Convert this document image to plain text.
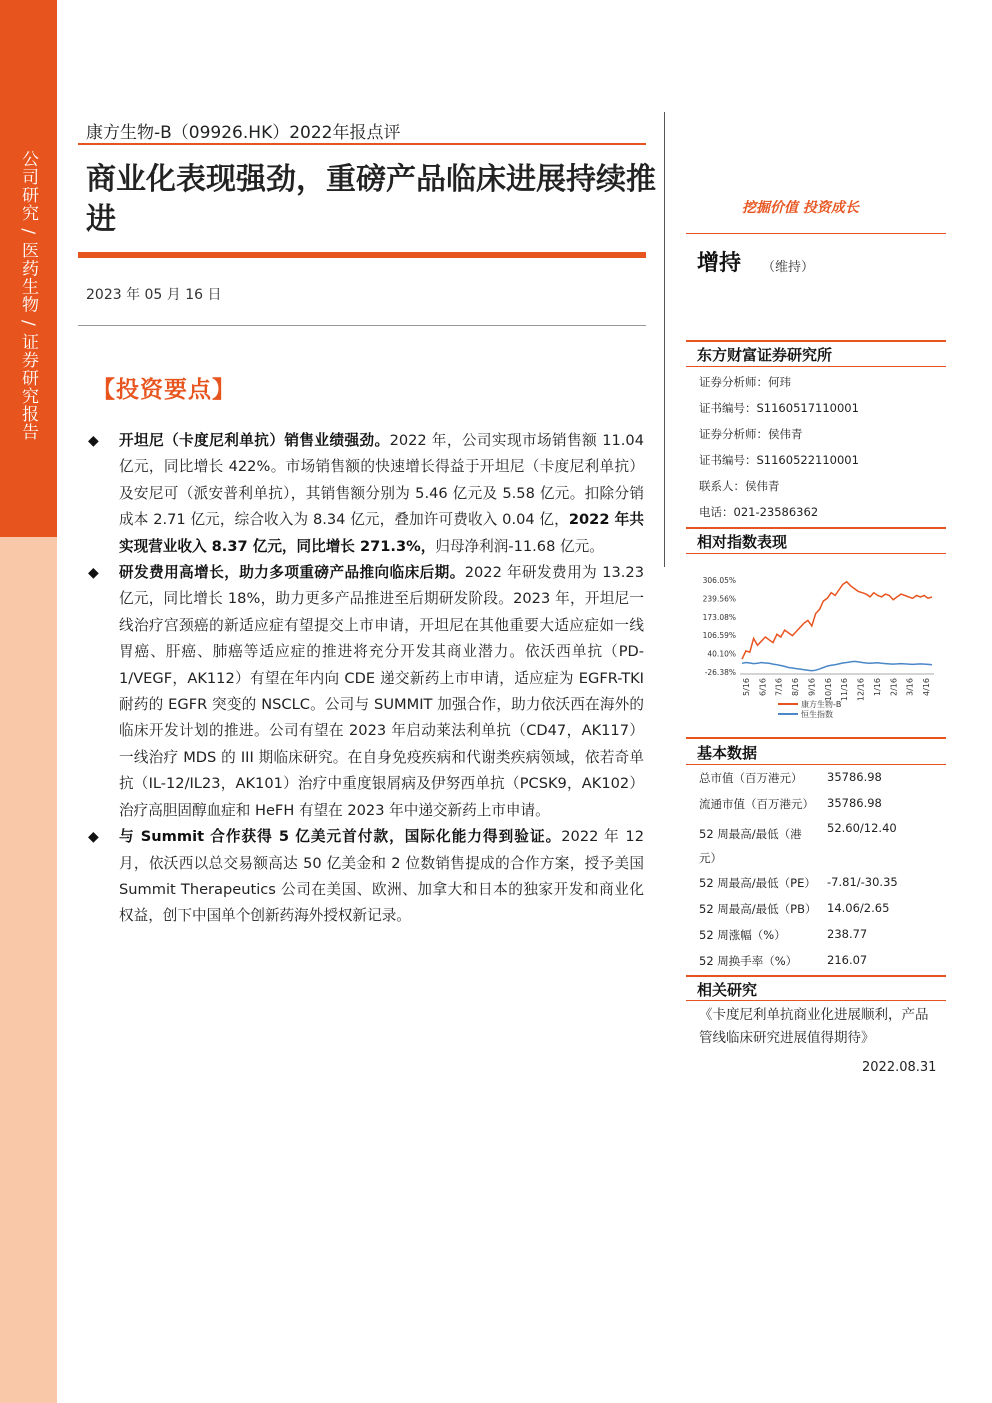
公司研究 / 医药生物 / 证券研究报告
康方生物-B（09926.HK）2022年报点评
商业化表现强劲，重磅产品临床进展持续推进
2023 年 05 月 16 日
【投资要点】
◆ 开坦尼（卡度尼利单抗）销售业绩强劲。2022 年，公司实现市场销售额 11.04 亿元，同比增长 422%。市场销售额的快速增长得益于开坦尼（卡度尼利单抗）及安尼可（派安普利单抗），其销售额分别为 5.46 亿元及 5.58 亿元。扣除分销成本 2.71 亿元，综合收入为 8.34 亿元，叠加许可费收入 0.04 亿，2022 年共实现营业收入 8.37 亿元，同比增长 271.3%，归母净利润-11.68 亿元。

◆ 研发费用高增长，助力多项重磅产品推向临床后期。2022 年研发费用为 13.23 亿元，同比增长 18%，助力更多产品推进至后期研发阶段。2023 年，开坦尼一线治疗宫颈癌的新适应症有望提交上市申请，开坦尼在其他重要大适应症如一线胃癌、肝癌、肺癌等适应症的推进将充分开发其商业潜力。依沃西单抗（PD-1/VEGF，AK112）有望在年内向 CDE 递交新药上市申请，适应症为 EGFR-TKI 耐药的 EGFR 突变的 NSCLC。公司与 SUMMIT 加强合作，助力依沃西在海外的临床开发计划的推进。公司有望在 2023 年启动莱法利单抗（CD47，AK117）一线治疗 MDS 的 III 期临床研究。在自身免疫疾病和代谢类疾病领域，依若奇单抗（IL-12/IL23，AK101）治疗中重度银屑病及伊努西单抗（PCSK9，AK102）治疗高胆固醇血症和 HeFH 有望在 2023 年中递交新药上市申请。

◆ 与 Summit 合作获得 5 亿美元首付款，国际化能力得到验证。2022 年 12 月，依沃西以总交易额高达 50 亿美金和 2 位数销售提成的合作方案，授予美国 Summit Therapeutics 公司在美国、欧洲、加拿大和日本的独家开发和商业化权益，创下中国单个创新药海外授权新记录。

挖掘价值 投资成长
增持 （维持）
东方财富证券研究所
证券分析师：何玮
证书编号：S1160517110001
证券分析师：侯伟青
证书编号：S1160522110001
联系人：侯伟青
电话：021-23586362
相对指数表现
306.05%
239.56%
173.08%
106.59%
40.10%
-26.38%
5/16 6/16 7/16 8/16 9/16 10/16 11/16 12/16 1/16 2/16 3/16 4/16
康方生物-B
恒生指数
基本数据
总市值（百万港元）	35786.98
流通市值（百万港元） 35786.98
52 周最高/最低（港元）
52.60/12.40
52 周最高/最低（PE） -7.81/-30.35
52 周最高/最低（PB） 14.06/2.65
52 周涨幅（%）	238.77
52 周换手率（%）	216.07
相关研究
《卡度尼利单抗商业化进展顺利，产品管线临床研究进展值得期待》
2022.08.31
